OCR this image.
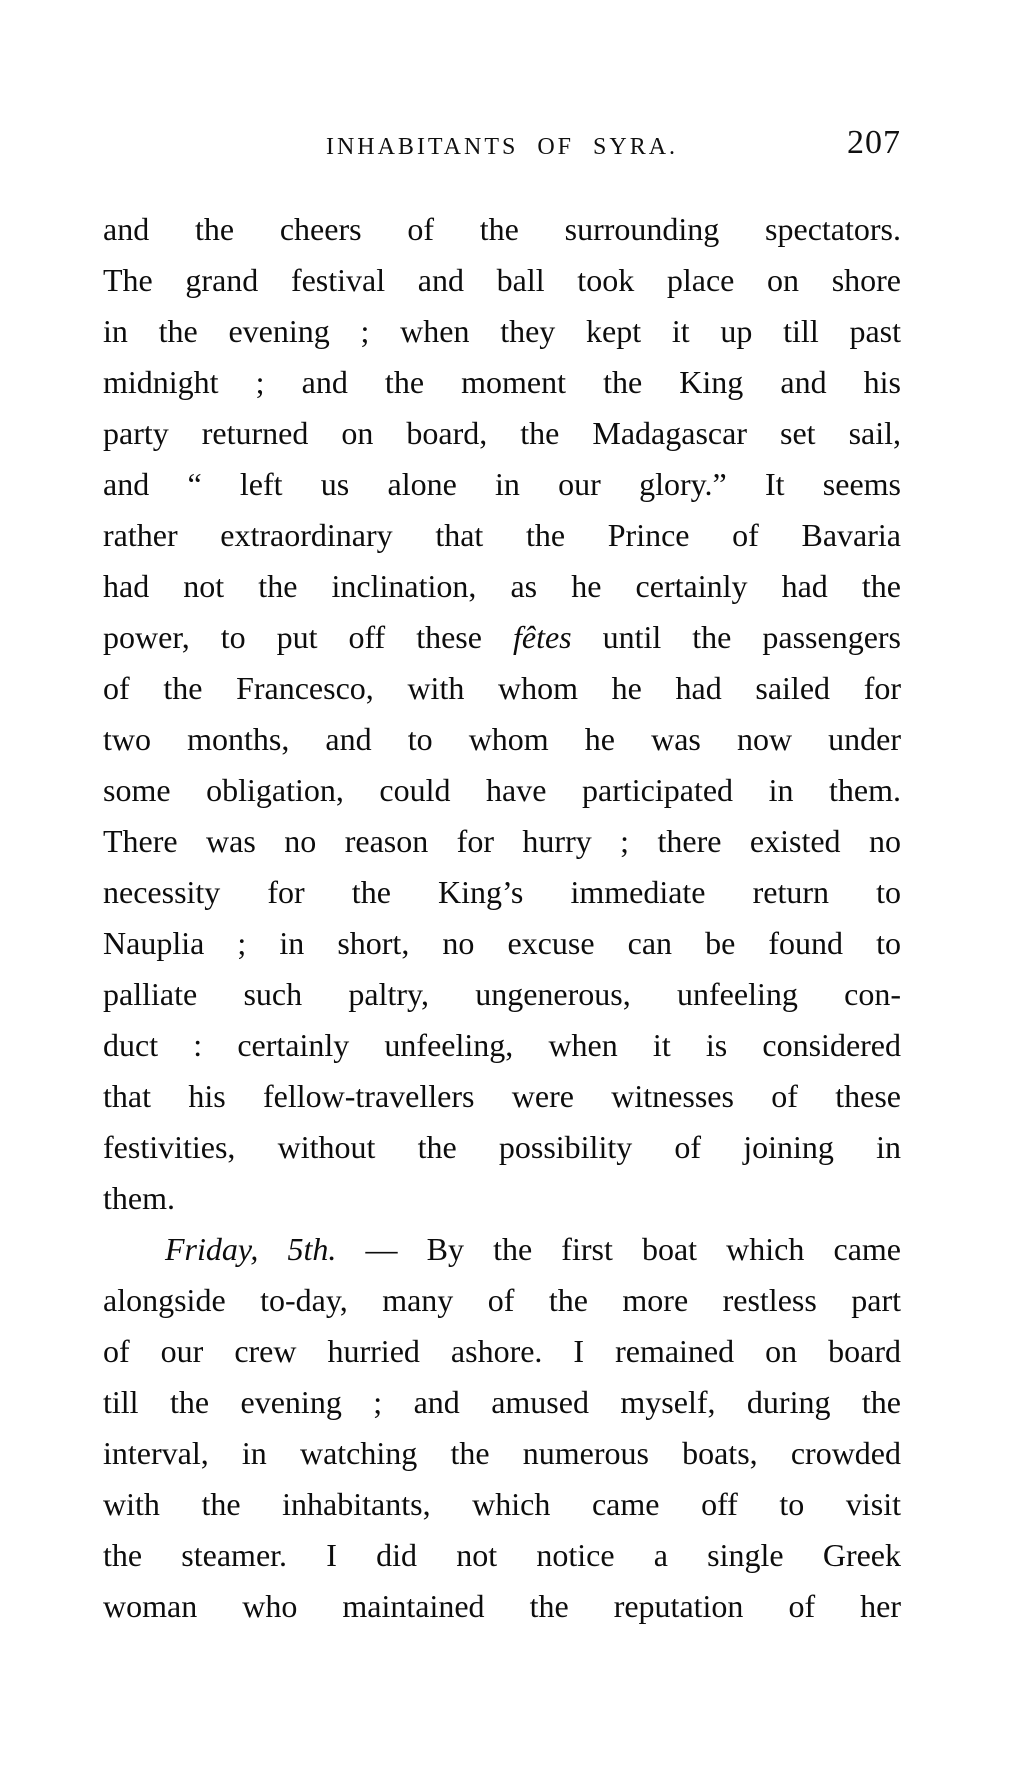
INHABITANTS OF SYRA.	207
and the cheers of the surrounding spectators.
The grand festival and ball took place on shore
in the evening ; when they kept it up till past
midnight ; and the moment the King and his
party returned on board, the Madagascar set sail,
and “ left us alone in our glory.” It seems
rather extraordinary that the Prince of Bavaria
had not the inclination, as he certainly had the
power, to put off these fêtes until the passengers
of the Francesco, with whom he had sailed for
two months, and to whom he was now under
some obligation, could have participated in them.
There was no reason for hurry ; there existed no
necessity for the King’s immediate return to
Nauplia ; in short, no excuse can be found to
palliate such paltry, ungenerous, unfeeling con-
duct : certainly unfeeling, when it is considered
that his fellow-travellers were witnesses of these
festivities, without the possibility of joining in
them.
Friday, 5th. — By the first boat which came
alongside to-day, many of the more restless part
of our crew hurried ashore. I remained on board
till the evening ; and amused myself, during the
interval, in watching the numerous boats, crowded
with the inhabitants, which came off to visit
the steamer. I did not notice a single Greek
woman who maintained the reputation of her
